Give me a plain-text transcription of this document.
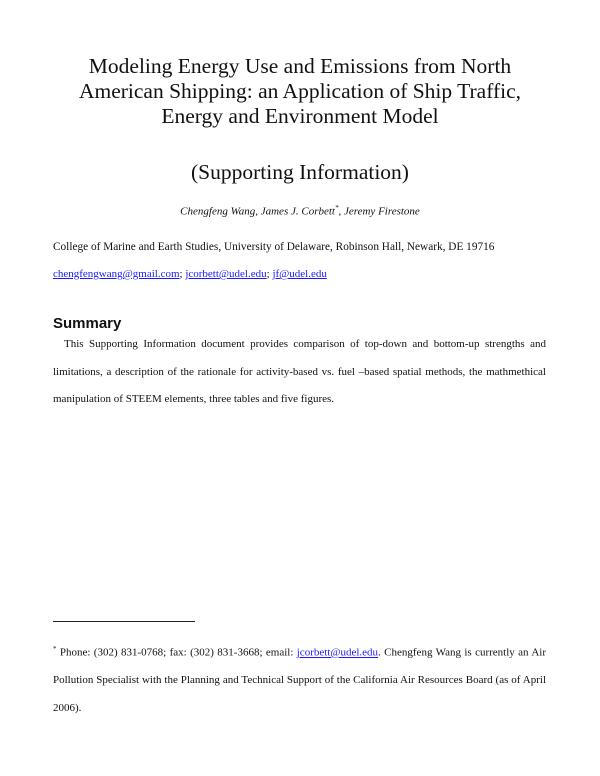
Modeling Energy Use and Emissions from North
American Shipping: an Application of Ship Traffic,
Energy and Environment Model
(Supporting Information)
Chengfeng Wang, James J. Corbett*, Jeremy Firestone
College of Marine and Earth Studies, University of Delaware, Robinson Hall, Newark, DE 19716
chengfengwang@gmail.com; jcorbett@udel.edu; jf@udel.edu
Summary
This Supporting Information document provides comparison of top-down and bottom-up strengths and limitations, a description of the rationale for activity-based vs. fuel –based spatial methods, the mathmethical manipulation of STEEM elements, three tables and five figures.
* Phone: (302) 831-0768; fax: (302) 831-3668; email: jcorbett@udel.edu. Chengfeng Wang is currently an Air Pollution Specialist with the Planning and Technical Support of the California Air Resources Board (as of April 2006).
